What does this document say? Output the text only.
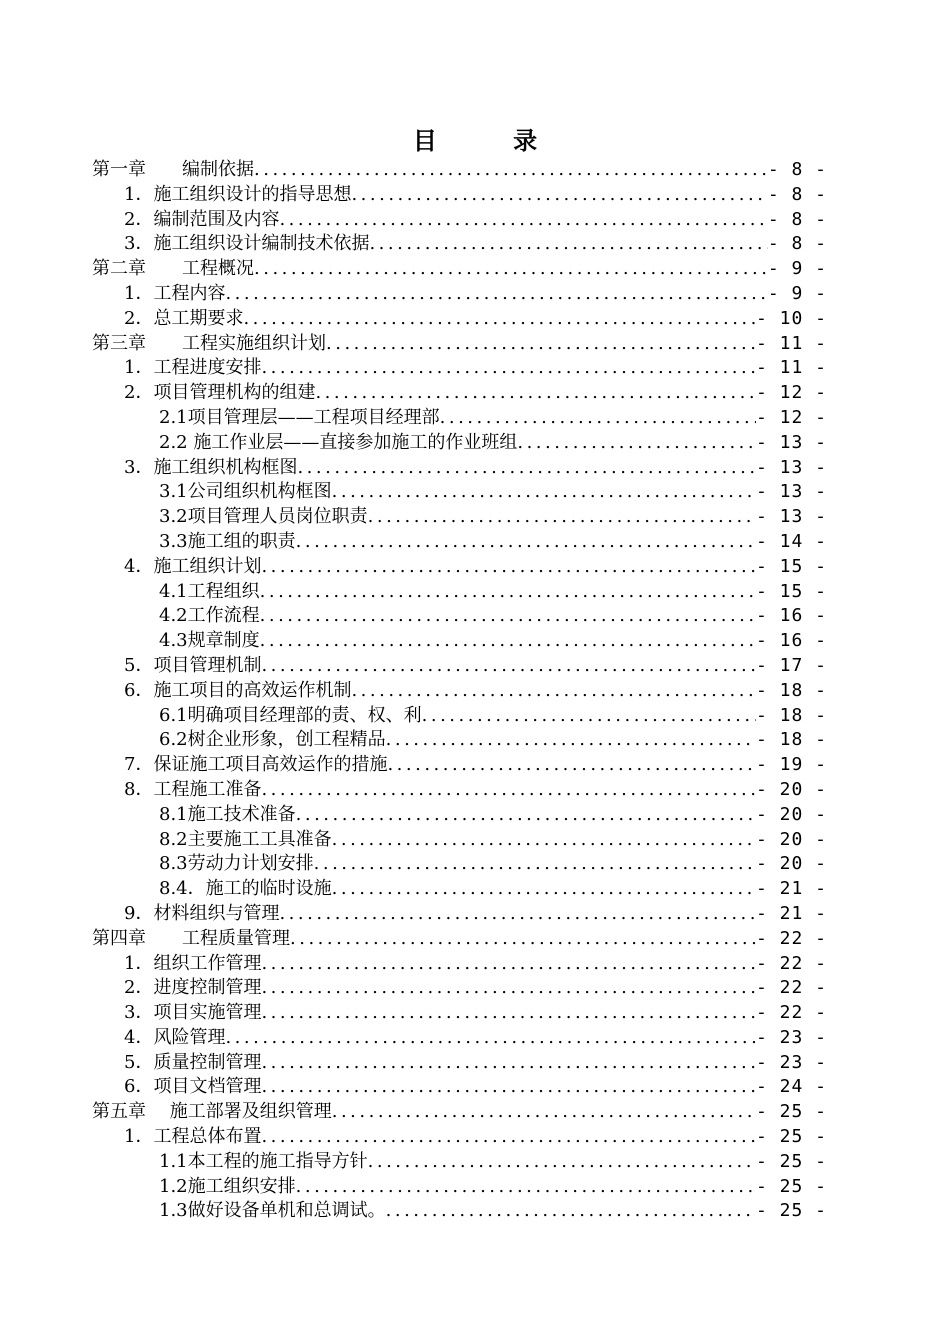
目 录
第一章　　编制依据 .....	- 8 -
1．施工组织设计的指导思想 .....	- 8 -
2．编制范围及内容 .....	- 8 -
3．施工组织设计编制技术依据 .....	- 8 -
第二章　　工程概况 .....	- 9 -
1．工程内容 .....	- 9 -
2．总工期要求 .....	- 10 -
第三章　　工程实施组织计划 .....	- 11 -
1．工程进度安排 .....	- 11 -
2．项目管理机构的组建 .....	- 12 -
2.1项目管理层——工程项目经理部 .....	- 12 -
2.2 施工作业层——直接参加施工的作业班组 .....	- 13 -
3．施工组织机构框图 .....	- 13 -
3.1公司组织机构框图 .....	- 13 -
3.2项目管理人员岗位职责 .....	- 13 -
3.3施工组的职责 .....	- 14 -
4．施工组织计划 .....	- 15 -
4.1工程组织 .....	- 15 -
4.2工作流程 .....	- 16 -
4.3规章制度 .....	- 16 -
5．项目管理机制 .....	- 17 -
6．施工项目的高效运作机制 .....	- 18 -
6.1明确项目经理部的责、权、利 .....	- 18 -
6.2树企业形象，创工程精品 .....	- 18 -
7．保证施工项目高效运作的措施 .....	- 19 -
8．工程施工准备 .....	- 20 -
8.1施工技术准备 .....	- 20 -
8.2主要施工工具准备 .....	- 20 -
8.3劳动力计划安排 .....	- 20 -
8.4．施工的临时设施 .....	- 21 -
9．材料组织与管理 .....	- 21 -
第四章　　工程质量管理 .....	- 22 -
1．组织工作管理 .....	- 22 -
2．进度控制管理 .....	- 22 -
3．项目实施管理 .....	- 22 -
4．风险管理 .....	- 23 -
5．质量控制管理 .....	- 23 -
6．项目文档管理 .....	- 24 -
第五章　 施工部署及组织管理 .....	- 25 -
1．工程总体布置 .....	- 25 -
1.1本工程的施工指导方针 .....	- 25 -
1.2施工组织安排 .....	- 25 -
1.3做好设备单机和总调试。 .....	- 25 -
